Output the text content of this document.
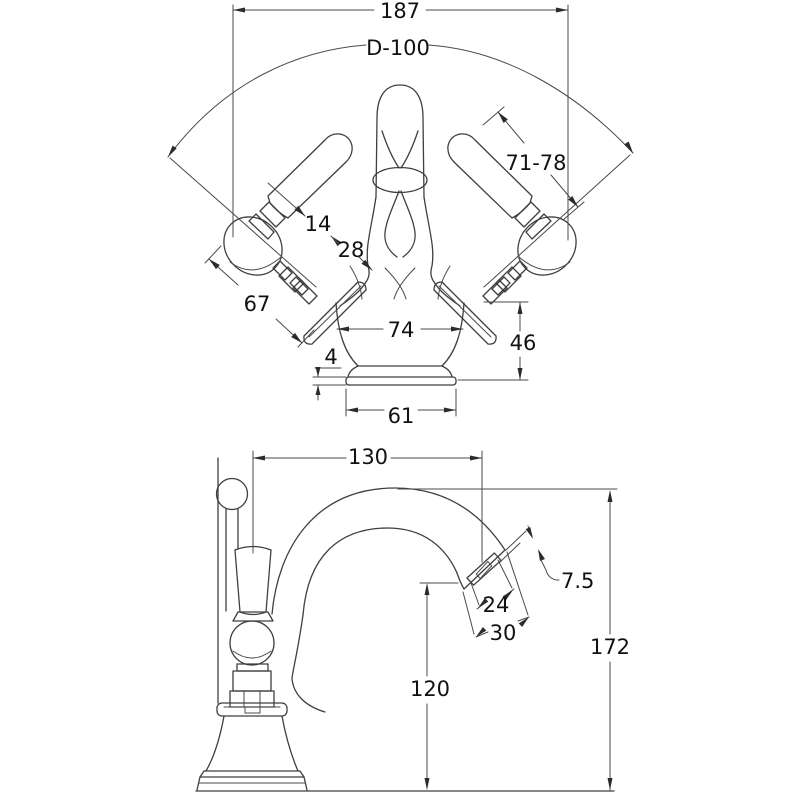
187
D-100
71-78
14
28
67
74
46
4
61
130
7.5
24
30
120
172
